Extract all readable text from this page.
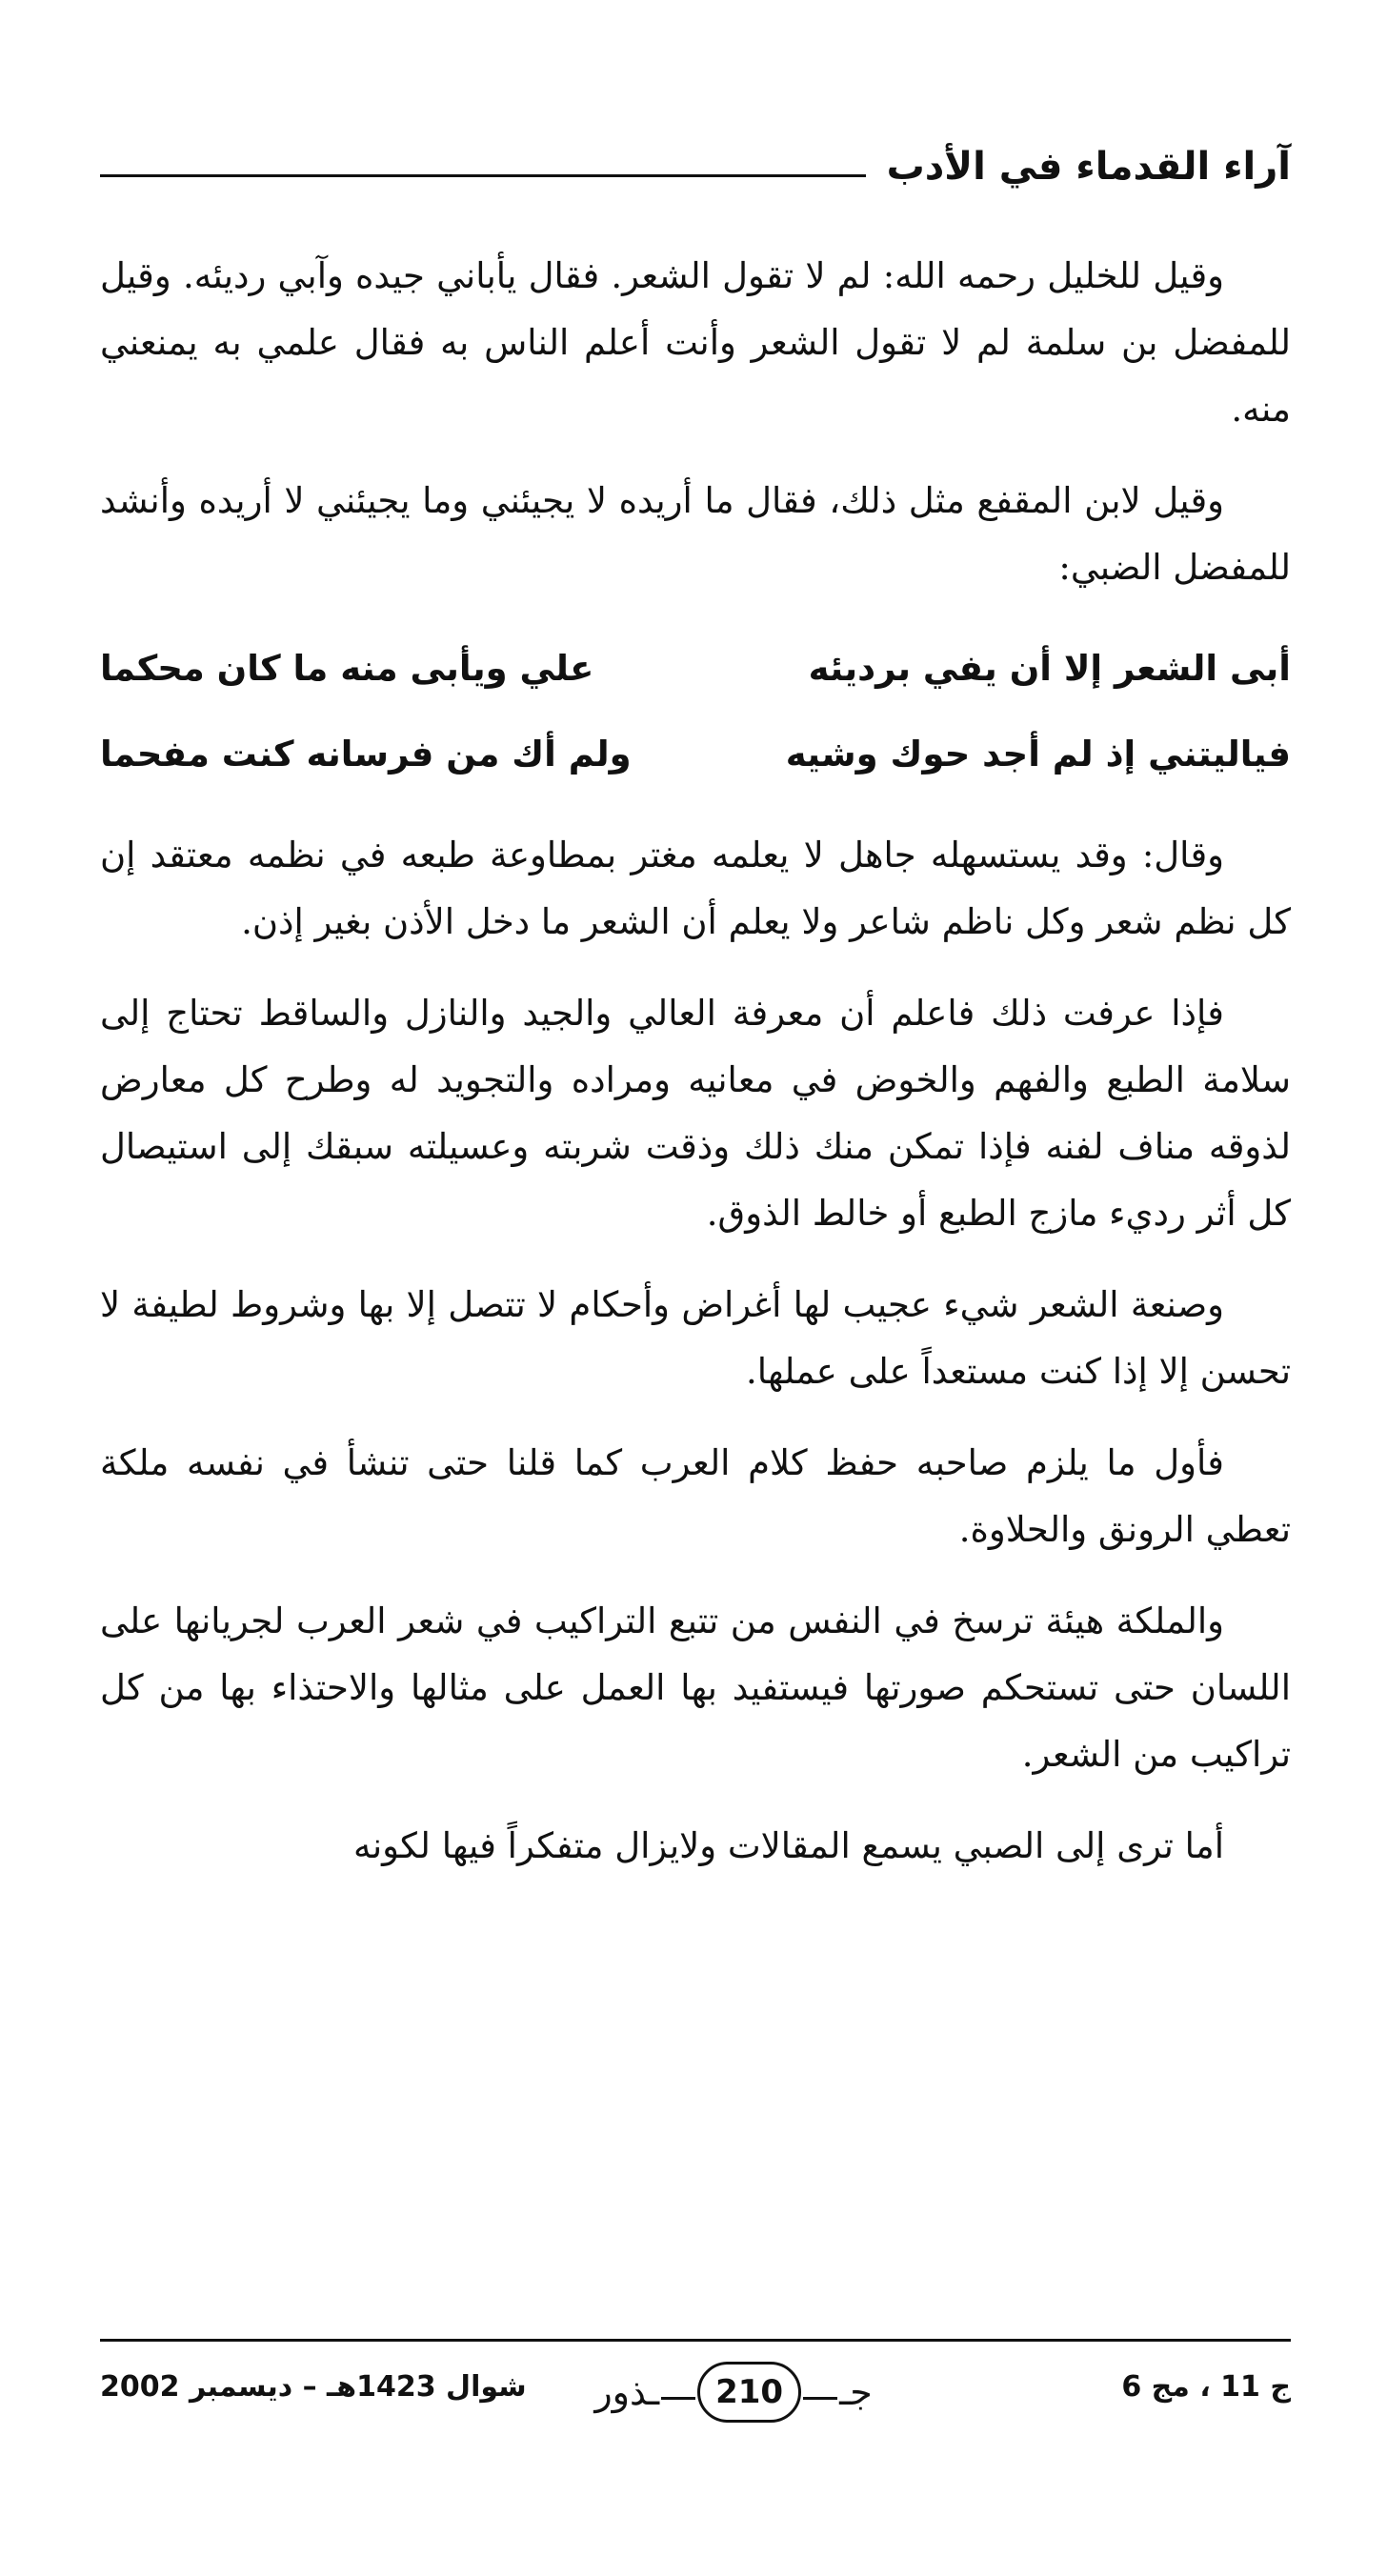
آراء القدماء في الأدب

وقيل للخليل رحمه الله: لم لا تقول الشعر. فقال يأباني جيده وآبي رديئه. وقيل للمفضل بن سلمة لم لا تقول الشعر وأنت أعلم الناس به فقال علمي به يمنعني منه.

وقيل لابن المقفع مثل ذلك، فقال ما أريده لا يجيئني وما يجيئني لا أريده وأنشد للمفضل الضبي:

أبى الشعر إلا أن يفي برديئه
علي ويأبى منه ما كان محكما
فياليتني إذ لم أجد حوك وشيه
ولم أك من فرسانه كنت مفحما

وقال: وقد يستسهله جاهل لا يعلمه مغتر بمطاوعة طبعه في نظمه معتقد إن كل نظم شعر وكل ناظم شاعر ولا يعلم أن الشعر ما دخل الأذن بغير إذن.

فإذا عرفت ذلك فاعلم أن معرفة العالي والجيد والنازل والساقط تحتاج إلى سلامة الطبع والفهم والخوض في معانيه ومراده والتجويد له وطرح كل معارض لذوقه مناف لفنه فإذا تمكن منك ذلك وذقت شربته وعسيلته سبقك إلى استيصال كل أثر رديء مازج الطبع أو خالط الذوق.

وصنعة الشعر شيء عجيب لها أغراض وأحكام لا تتصل إلا بها وشروط لطيفة لا تحسن إلا إذا كنت مستعداً على عملها.

فأول ما يلزم صاحبه حفظ كلام العرب كما قلنا حتى تنشأ في نفسه ملكة تعطي الرونق والحلاوة.

والملكة هيئة ترسخ في النفس من تتبع التراكيب في شعر العرب لجريانها على اللسان حتى تستحكم صورتها فيستفيد بها العمل على مثالها والاحتذاء بها من كل تراكيب من الشعر.

أما ترى إلى الصبي يسمع المقالات ولايزال متفكراً فيها لكونه

ج 11 ، مج 6
جـ
210
ـذور
شوال 1423هـ – ديسمبر 2002
